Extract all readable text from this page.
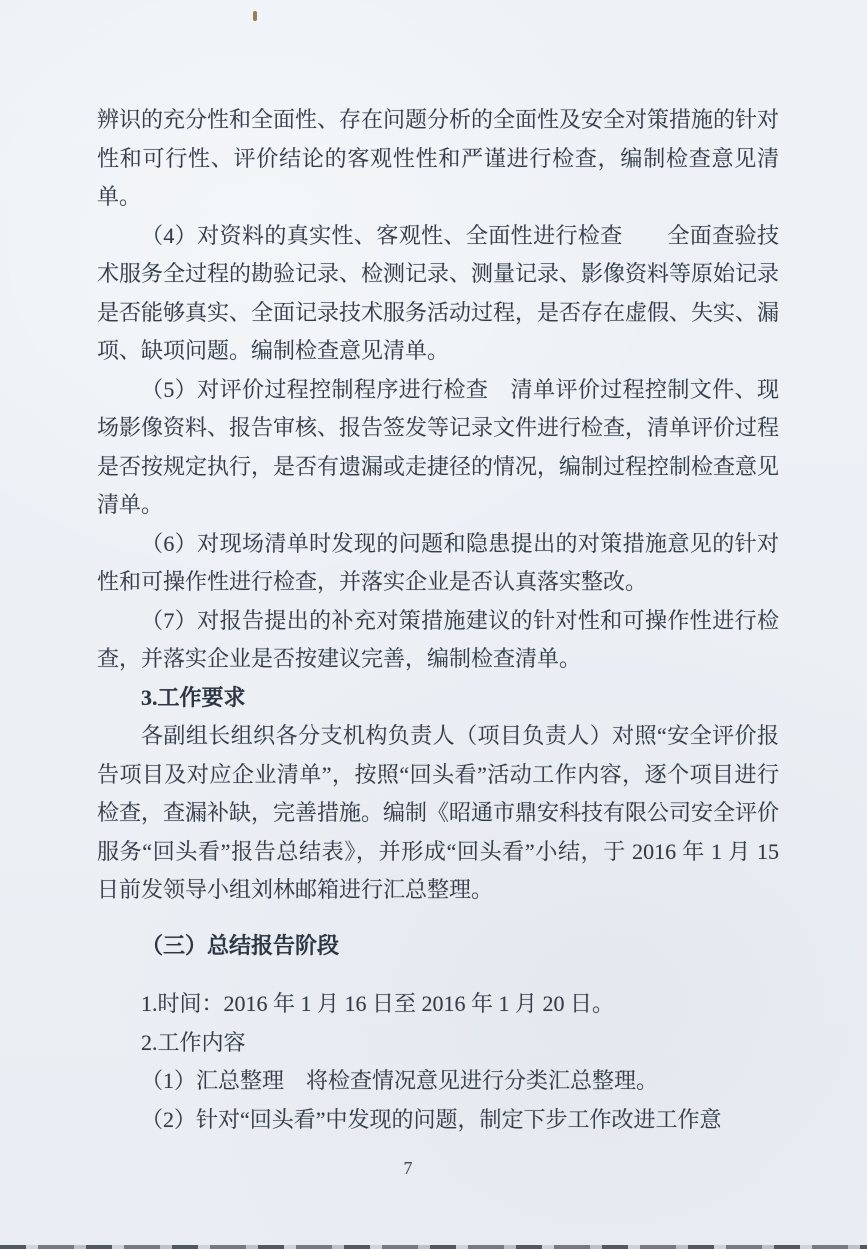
辨识的充分性和全面性、存在问题分析的全面性及安全对策措施的针对性和可行性、评价结论的客观性性和严谨进行检查，编制检查意见清单。

（4）对资料的真实性、客观性、全面性进行检查　　全面查验技术服务全过程的勘验记录、检测记录、测量记录、影像资料等原始记录是否能够真实、全面记录技术服务活动过程，是否存在虚假、失实、漏项、缺项问题。编制检查意见清单。

（5）对评价过程控制程序进行检查　清单评价过程控制文件、现场影像资料、报告审核、报告签发等记录文件进行检查，清单评价过程是否按规定执行，是否有遗漏或走捷径的情况，编制过程控制检查意见清单。

（6）对现场清单时发现的问题和隐患提出的对策措施意见的针对性和可操作性进行检查，并落实企业是否认真落实整改。

（7）对报告提出的补充对策措施建议的针对性和可操作性进行检查，并落实企业是否按建议完善，编制检查清单。

3.工作要求

各副组长组织各分支机构负责人（项目负责人）对照“安全评价报告项目及对应企业清单”，按照“回头看”活动工作内容，逐个项目进行检查，查漏补缺，完善措施。编制《昭通市鼎安科技有限公司安全评价服务“回头看”报告总结表》，并形成“回头看”小结，于 2016 年 1 月 15 日前发领导小组刘林邮箱进行汇总整理。

（三）总结报告阶段

1.时间：2016 年 1 月 16 日至 2016 年 1 月 20 日。

2.工作内容

（1）汇总整理　将检查情况意见进行分类汇总整理。

（2）针对“回头看”中发现的问题，制定下步工作改进工作意

7
